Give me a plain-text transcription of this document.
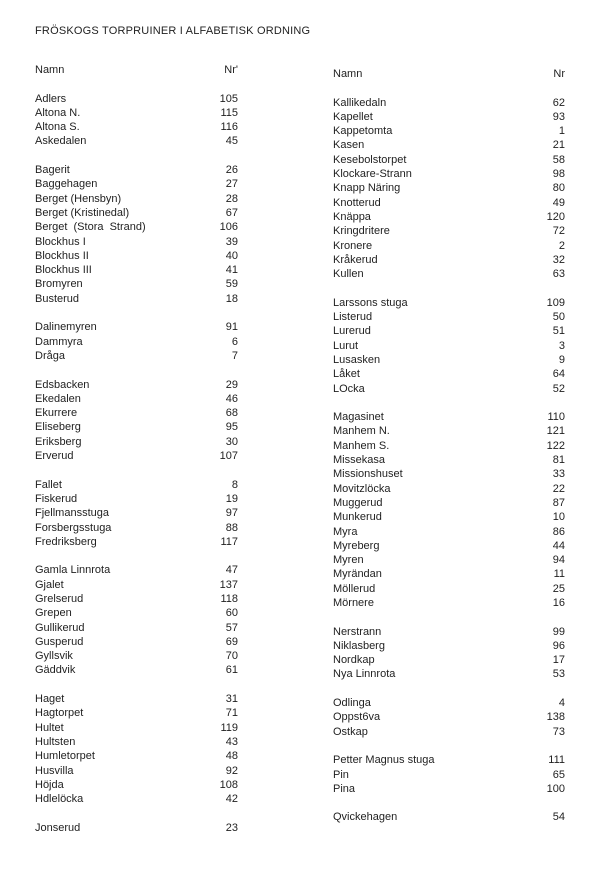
FRÖSKOGS TORPRUINER I ALFABETISK ORDNING
Namn	Nr'
Adlers	105
Altona N.	115
Altona S.	116
Askedalen	45
Bagerit	26
Baggehagen	27
Berget (Hensbyn)	28
Berget (Kristinedal)	67
Berget  (Stora  Strand)	106
Blockhus I	39
Blockhus II	40
Blockhus III	41
Bromyren	59
Busterud	18
Dalinemyren	91
Dammyra	6
Dråga	7
Edsbacken	29
Ekedalen	46
Ekurrere	68
Eliseberg	95
Eriksberg	30
Erverud	107
Fallet	8
Fiskerud	19
Fjellmansstuga	97
Forsbergsstuga	88
Fredriksberg	117
Gamla Linnrota	47
Gjalet	137
Grelserud	118
Grepen	60
Gullikerud	57
Gusperud	69
Gyllsvik	70
Gäddvik	61
Haget	31
Hagtorpet	71
Hultet	119
Hultsten	43
Humletorpet	48
Husvilla	92
Höjda	108
Hdlelöcka	42
Jonserud	23
Namn	Nr
Kallikedaln	62
Kapellet	93
Kappetomta	1
Kasen	21
Kesebolstorpet	58
Klockare-Strann	98
Knapp Näring	80
Knotterud	49
Knäppa	120
Kringdritere	72
Kronere	2
Kråkerud	32
Kullen	63
Larssons stuga	109
Listerud	50
Lurerud	51
Lurut	3
Lusasken	9
Låket	64
LOcka	52
Magasinet	110
Manhem N.	121
Manhem S.	122
Missekasa	81
Missionshuset	33
Movitzlöcka	22
Muggerud	87
Munkerud	10
Myra	86
Myreberg	44
Myren	94
Myrändan	11
Möllerud	25
Mörnere	16
Nerstrann	99
Niklasberg	96
Nordkap	17
Nya Linnrota	53
Odlinga	4
Oppst6va	138
Ostkap	73
Petter Magnus stuga	111
Pin	65
Pina	100
Qvickehagen	54
